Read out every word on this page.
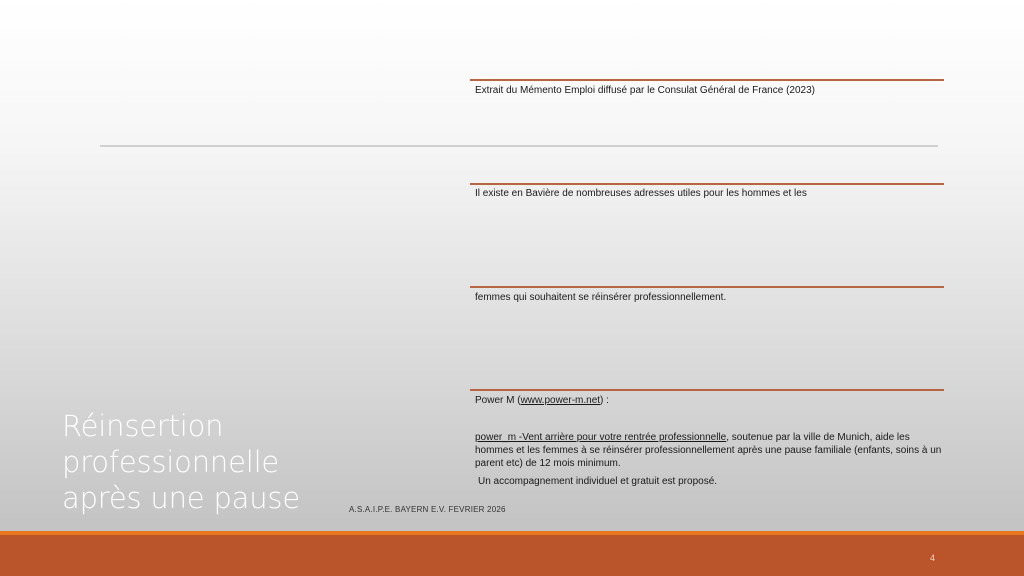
Extrait du Mémento Emploi diffusé par le Consulat Général de France (2023)
Il existe en Bavière de nombreuses adresses utiles pour les hommes et les
femmes qui souhaitent se réinsérer professionnellement.
Power M (www.power-m.net) :
power_m -Vent arrière pour votre rentrée professionnelle, soutenue par la ville de Munich, aide les hommes et les femmes à se réinsérer professionnellement après une pause familiale (enfants, soins à un parent etc) de 12 mois minimum.
Un accompagnement individuel et gratuit est proposé.
Réinsertion professionnelle après une pause	A.S.A.I.P.E. BAYERN E.V. FEVRIER 2026
4
